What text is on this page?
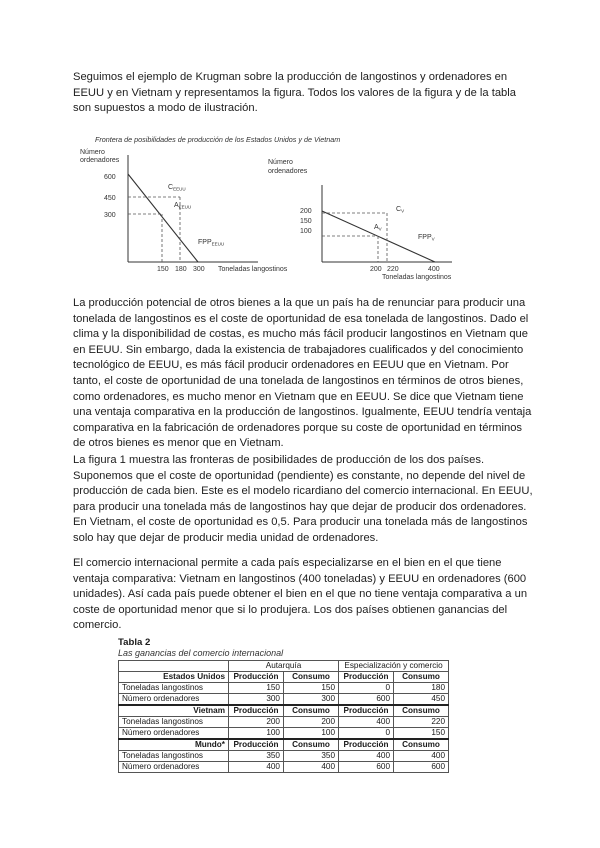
Seguimos el ejemplo de Krugman sobre la producción de langostinos y ordenadores en EEUU y en Vietnam y representamos la figura. Todos los valores de la figura y de la tabla son supuestos a modo de ilustración.

Frontera de posibilidades de producción de los Estados Unidos y de Vietnam
Número
ordenadores
600
450
300
150 180 300 Toneladas langostinos
$C_{EEUU}$
$A_{EEUU}$
$FPP_{EEUU}$
Número
ordenadores
200
150
100
200 220	400
Toneladas langostinos
$C_V$
$A_V$
$FPP_V$

La producción potencial de otros bienes a la que un país ha de renunciar para producir una tonelada de langostinos es el coste de oportunidad de esa tonelada de langostinos. Dado el clima y la disponibilidad de costas, es mucho más fácil producir langostinos en Vietnam que en EEUU. Sin embargo, dada la existencia de trabajadores cualificados y del conocimiento tecnológico de EEUU, es más fácil producir ordenadores en EEUU que en Vietnam. Por tanto, el coste de oportunidad de una tonelada de langostinos en términos de otros bienes, como ordenadores, es mucho menor en Vietnam que en EEUU. Se dice que Vietnam tiene una ventaja comparativa en la producción de langostinos. Igualmente, EEUU tendría ventaja comparativa en la fabricación de ordenadores porque su coste de oportunidad en términos de otros bienes es menor que en Vietnam.

La figura 1 muestra las fronteras de posibilidades de producción de los dos países. Suponemos que el coste de oportunidad (pendiente) es constante, no depende del nivel de producción de cada bien. Este es el modelo ricardiano del comercio internacional. En EEUU, para producir una tonelada más de langostinos hay que dejar de producir dos ordenadores. En Vietnam, el coste de oportunidad es 0,5. Para producir una tonelada más de langostinos solo hay que dejar de producir media unidad de ordenadores.

El comercio internacional permite a cada país especializarse en el bien en el que tiene ventaja comparativa: Vietnam en langostinos (400 toneladas) y EEUU en ordenadores (600 unidades). Así cada país puede obtener el bien en el que no tiene ventaja comparativa a un coste de oportunidad menor que si lo produjera. Los dos países obtienen ganancias del comercio.

Tabla 2

Las ganancias del comercio internacional

	Autarquía		Especialización y comercio	
Estados Unidos	Producción	Consumo	Producción	Consumo
Toneladas langostinos	150	150	0	180
Número ordenadores	300	300	600	450
Vietnam	Producción	Consumo	Producción	Consumo
Toneladas langostinos	200	200	400	220
Número ordenadores	100	100	0	150
Mundo*	Producción	Consumo	Producción	Consumo
Toneladas langostinos	350	350	400	400
Número ordenadores	400	400	600	600
